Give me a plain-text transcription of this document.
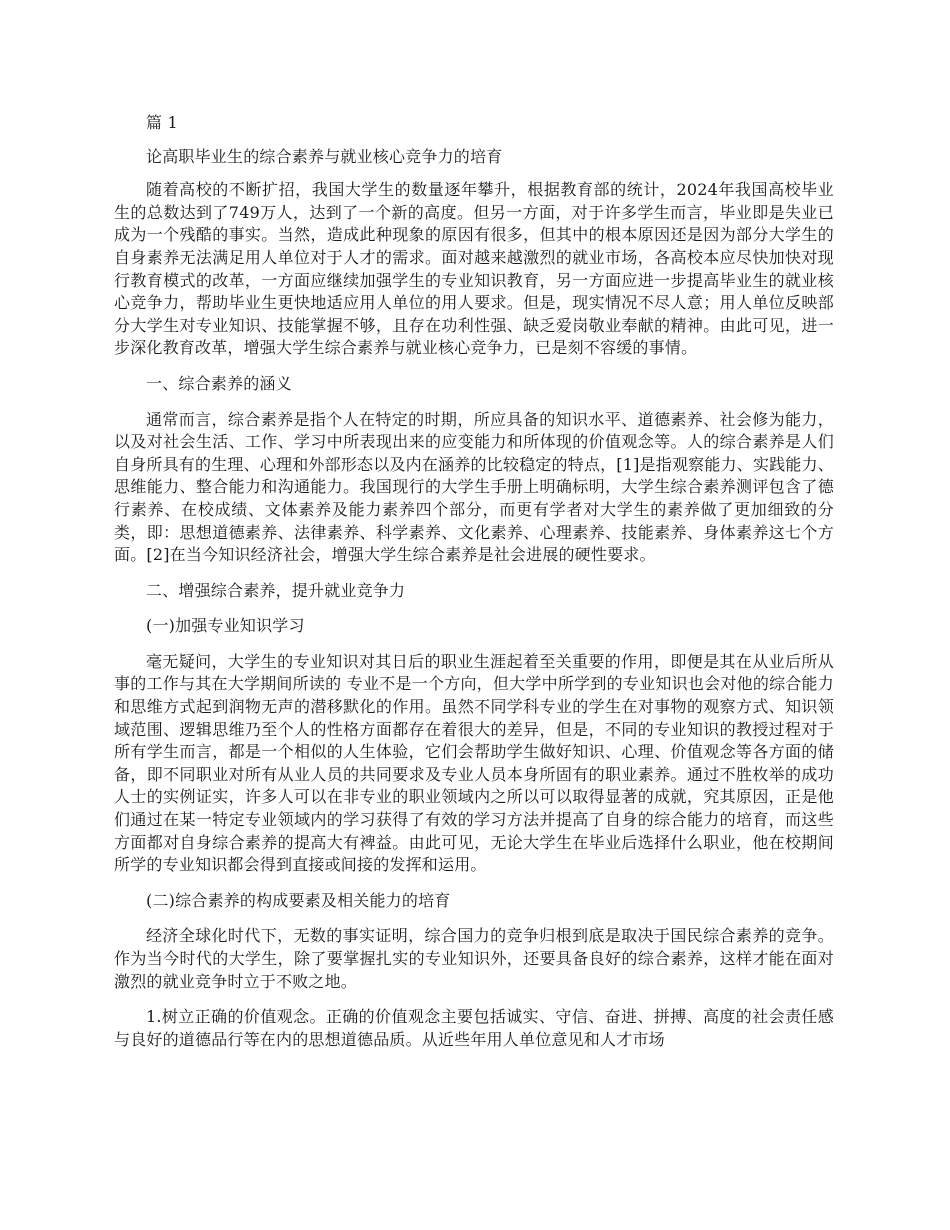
篇 1

论高职毕业生的综合素养与就业核心竞争力的培育

随着高校的不断扩招，我国大学生的数量逐年攀升，根据教育部的统计，2024年我国高校毕业生的总数达到了749万人，达到了一个新的高度。但另一方面，对于许多学生而言，毕业即是失业已成为一个残酷的事实。当然，造成此种现象的原因有很多，但其中的根本原因还是因为部分大学生的自身素养无法满足用人单位对于人才的需求。面对越来越激烈的就业市场，各高校本应尽快加快对现行教育模式的改革，一方面应继续加强学生的专业知识教育，另一方面应进一步提高毕业生的就业核心竞争力，帮助毕业生更快地适应用人单位的用人要求。但是，现实情况不尽人意；用人单位反映部分大学生对专业知识、技能掌握不够，且存在功利性强、缺乏爱岗敬业奉献的精神。由此可见，进一步深化教育改革，增强大学生综合素养与就业核心竞争力，已是刻不容缓的事情。

一、综合素养的涵义

通常而言，综合素养是指个人在特定的时期，所应具备的知识水平、道德素养、社会修为能力，以及对社会生活、工作、学习中所表现出来的应变能力和所体现的价值观念等。人的综合素养是人们自身所具有的生理、心理和外部形态以及内在涵养的比较稳定的特点，[1]是指观察能力、实践能力、思维能力、整合能力和沟通能力。我国现行的大学生手册上明确标明，大学生综合素养测评包含了德行素养、在校成绩、文体素养及能力素养四个部分，而更有学者对大学生的素养做了更加细致的分类，即：思想道德素养、法律素养、科学素养、文化素养、心理素养、技能素养、身体素养这七个方面。[2]在当今知识经济社会，增强大学生综合素养是社会进展的硬性要求。

二、增强综合素养，提升就业竞争力

(一)加强专业知识学习

毫无疑问，大学生的专业知识对其日后的职业生涯起着至关重要的作用，即便是其在从业后所从事的工作与其在大学期间所读的 专业不是一个方向，但大学中所学到的专业知识也会对他的综合能力和思维方式起到润物无声的潜移默化的作用。虽然不同学科专业的学生在对事物的观察方式、知识领域范围、逻辑思维乃至个人的性格方面都存在着很大的差异，但是，不同的专业知识的教授过程对于所有学生而言，都是一个相似的人生体验，它们会帮助学生做好知识、心理、价值观念等各方面的储备，即不同职业对所有从业人员的共同要求及专业人员本身所固有的职业素养。通过不胜枚举的成功人士的实例证实，许多人可以在非专业的职业领域内之所以可以取得显著的成就，究其原因，正是他们通过在某一特定专业领域内的学习获得了有效的学习方法并提高了自身的综合能力的培育，而这些方面都对自身综合素养的提高大有裨益。由此可见，无论大学生在毕业后选择什么职业，他在校期间所学的专业知识都会得到直接或间接的发挥和运用。

(二)综合素养的构成要素及相关能力的培育

经济全球化时代下，无数的事实证明，综合国力的竞争归根到底是取决于国民综合素养的竞争。作为当今时代的大学生，除了要掌握扎实的专业知识外，还要具备良好的综合素养，这样才能在面对激烈的就业竞争时立于不败之地。

1.树立正确的价值观念。正确的价值观念主要包括诚实、守信、奋进、拼搏、高度的社会责任感与良好的道德品行等在内的思想道德品质。从近些年用人单位意见和人才市场
